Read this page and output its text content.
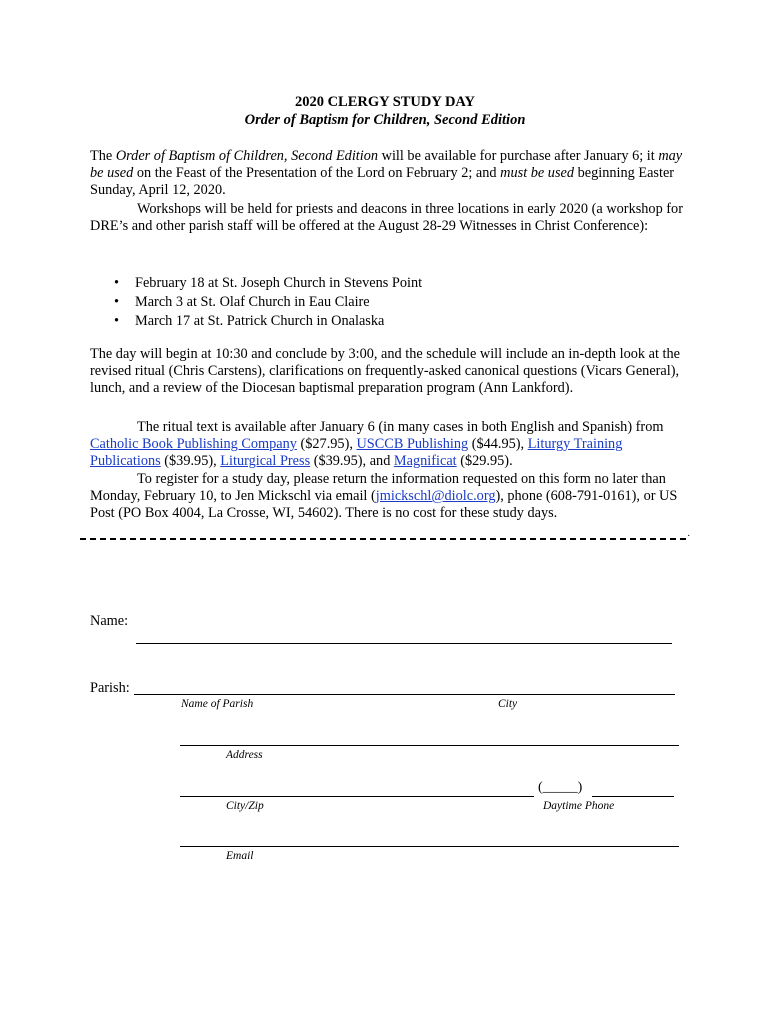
2020 CLERGY STUDY DAY
Order of Baptism for Children, Second Edition
The Order of Baptism of Children, Second Edition will be available for purchase after January 6; it may be used on the Feast of the Presentation of the Lord on February 2; and must be used beginning Easter Sunday, April 12, 2020.
Workshops will be held for priests and deacons in three locations in early 2020 (a workshop for DRE’s and other parish staff will be offered at the August 28-29 Witnesses in Christ Conference):
• February 18 at St. Joseph Church in Stevens Point
• March 3 at St. Olaf Church in Eau Claire
• March 17 at St. Patrick Church in Onalaska
The day will begin at 10:30 and conclude by 3:00, and the schedule will include an in-depth look at the revised ritual (Chris Carstens), clarifications on frequently-asked canonical questions (Vicars General), lunch, and a review of the Diocesan baptismal preparation program (Ann Lankford).
The ritual text is available after January 6 (in many cases in both English and Spanish) from Catholic Book Publishing Company ($27.95), USCCB Publishing ($44.95), Liturgy Training Publications ($39.95), Liturgical Press ($39.95), and Magnificat ($29.95).
To register for a study day, please return the information requested on this form no later than Monday, February 10, to Jen Mickschl via email (jmickschl@diolc.org), phone (608-791-0161), or US Post (PO Box 4004, La Crosse, WI, 54602). There is no cost for these study days.
.
Name:
Parish:
Name of Parish	City
Address
(_____)
City/Zip	Daytime Phone
Email
